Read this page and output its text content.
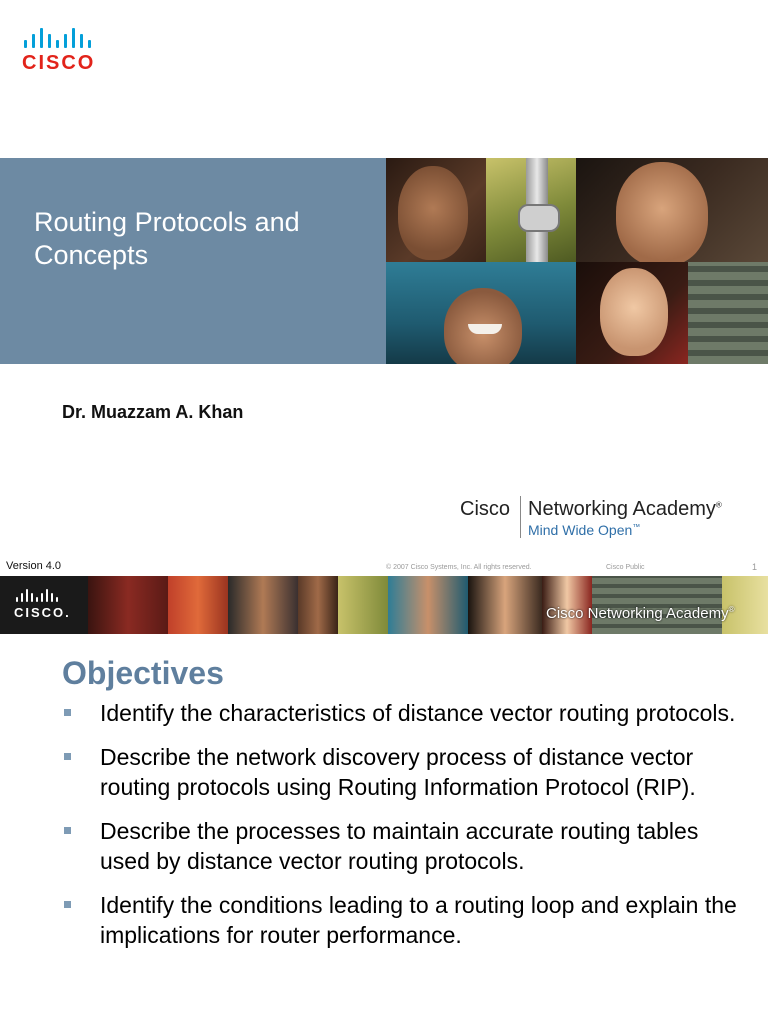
CISCO
Routing Protocols and Concepts
Dr. Muazzam A. Khan
Cisco Networking Academy®
Mind Wide Open™
Version 4.0	© 2007 Cisco Systems, Inc. All rights reserved.	Cisco Public	1
CISCO.	Cisco Networking Academy®
Objectives
Identify the characteristics of distance vector routing protocols.
Describe the network discovery process of distance vector routing protocols using Routing Information Protocol (RIP).
Describe the processes to maintain accurate routing tables used by distance vector routing protocols.
Identify the conditions leading to a routing loop and explain the implications for router performance.
